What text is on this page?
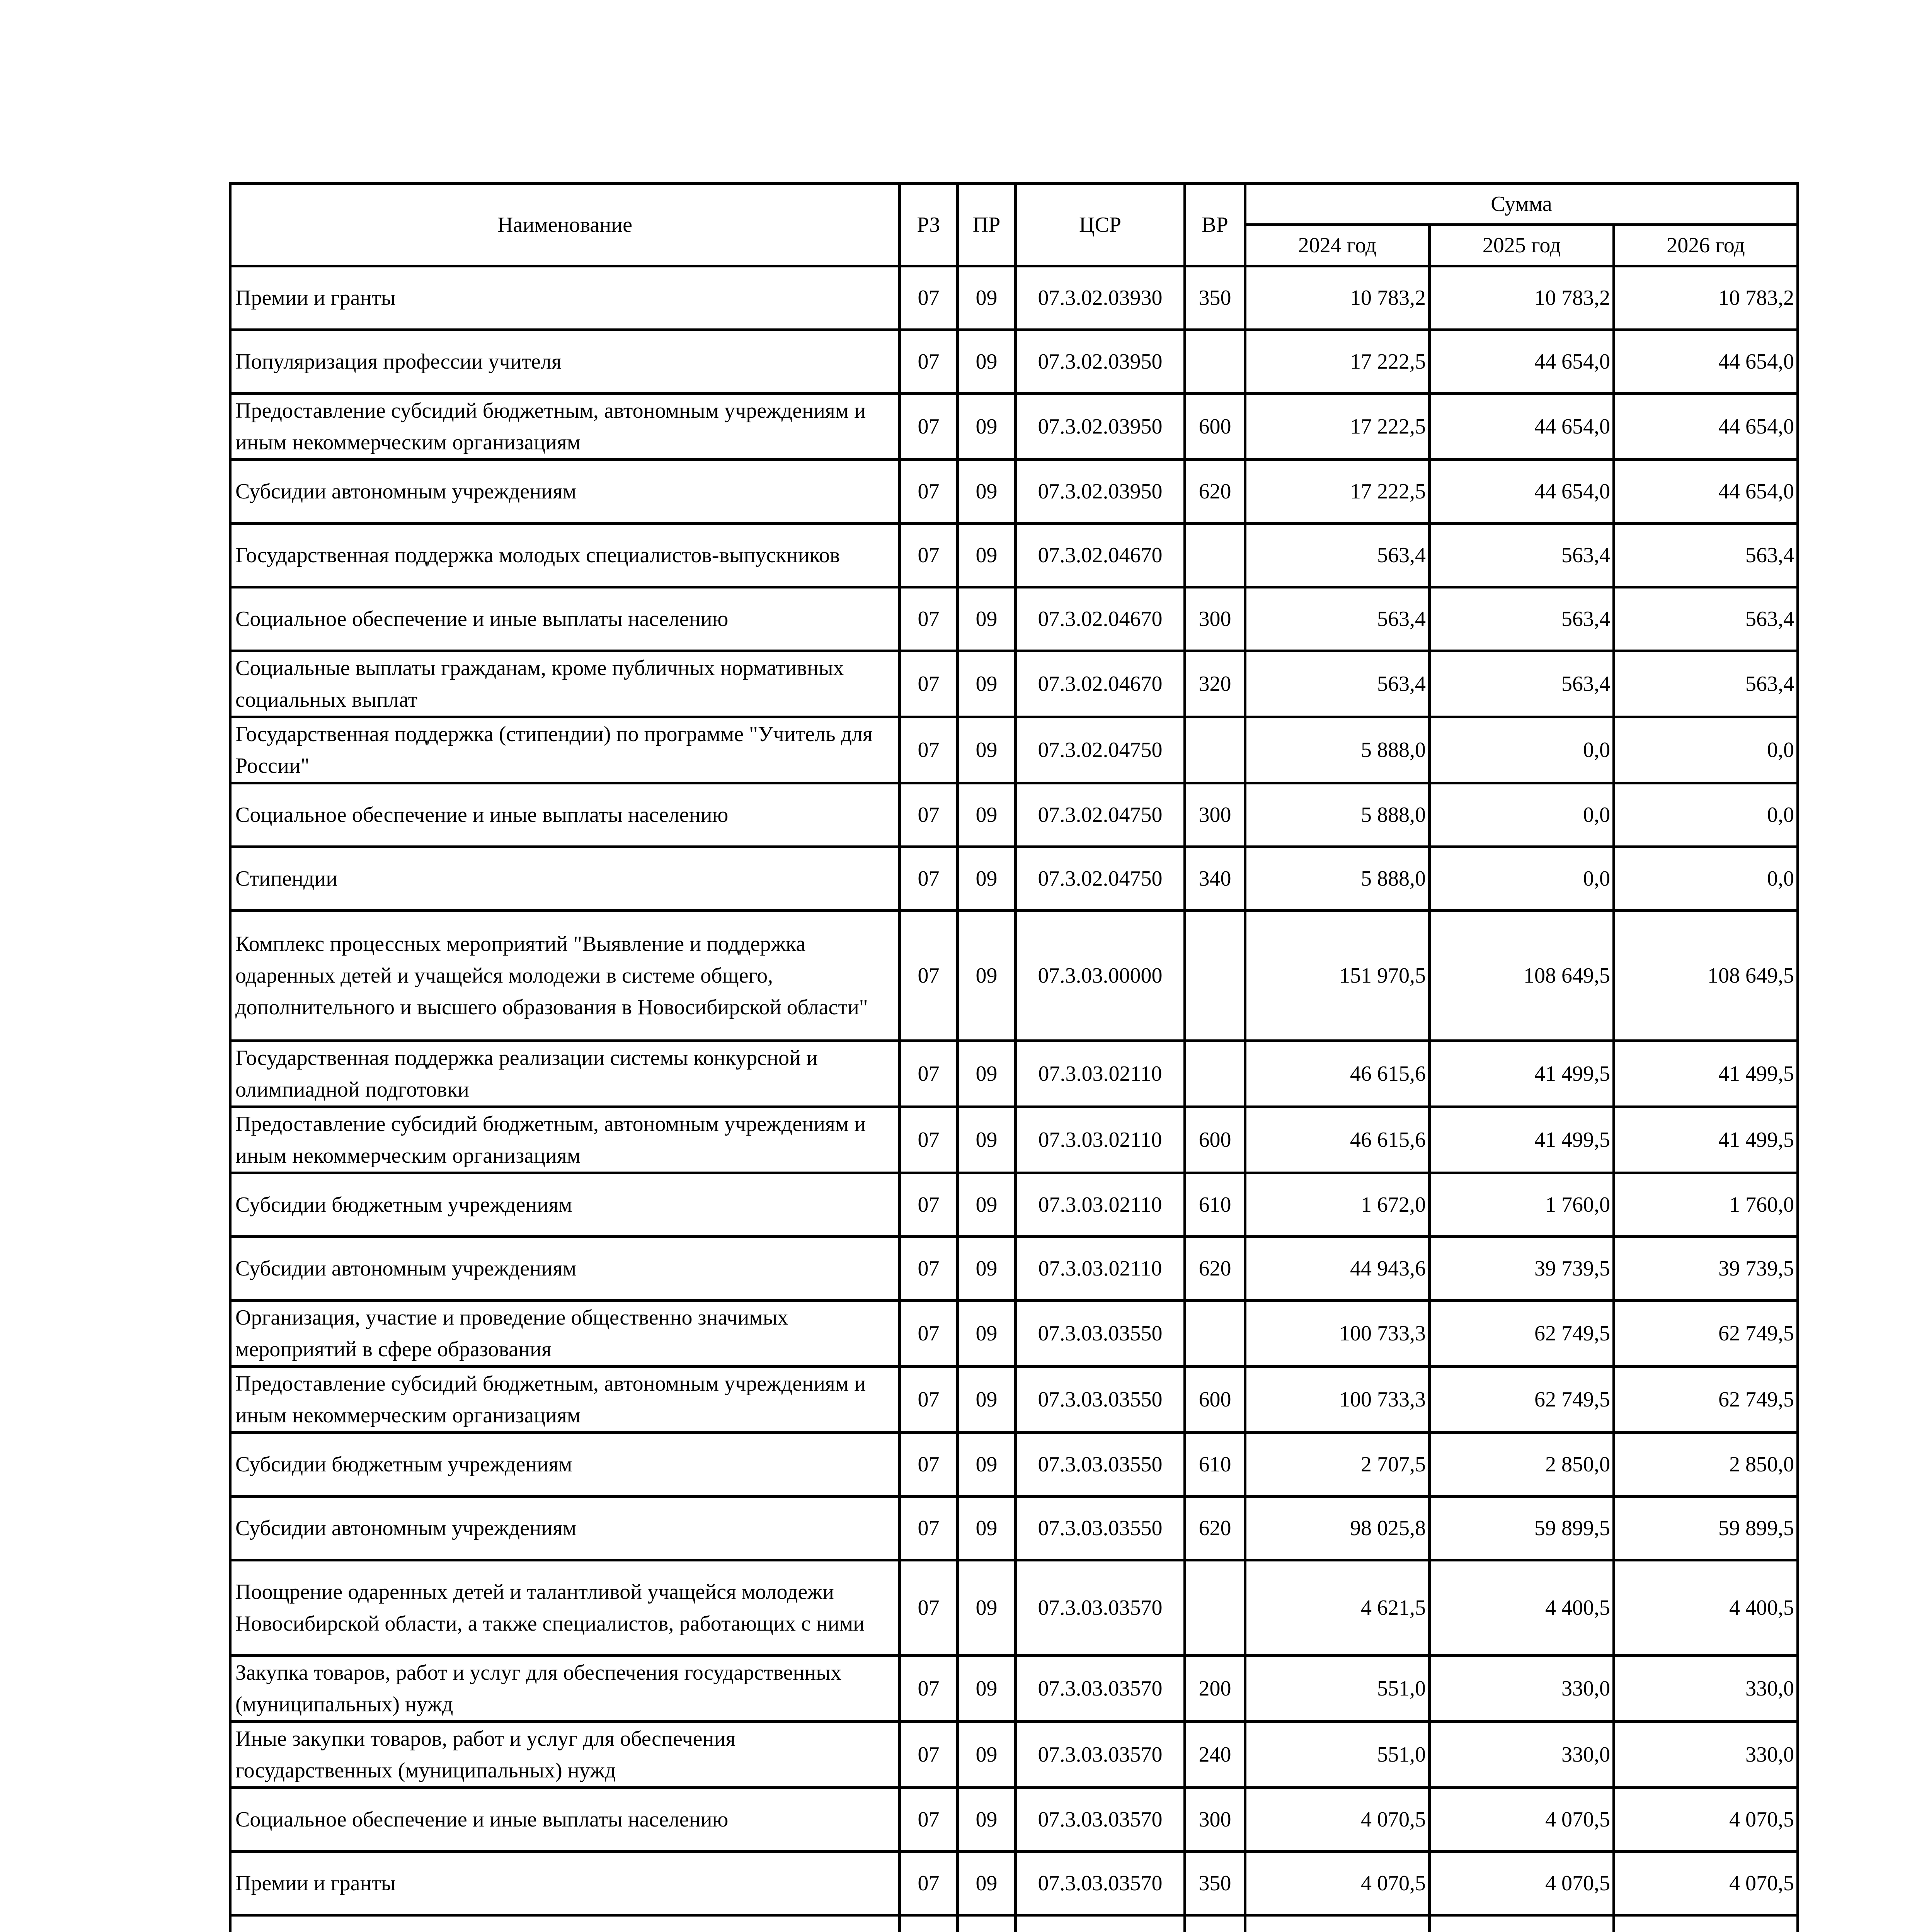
Наименование	РЗ	ПР	ЦСР	ВР	Сумма		
					2024 год	2025 год	2026 год
Премии и гранты	07	09	07.3.02.03930	350	10 783,2	10 783,2	10 783,2
Популяризация профессии учителя	07	09	07.3.02.03950		17 222,5	44 654,0	44 654,0
Предоставление субсидий бюджетным, автономным учреждениям и иным некоммерческим организациям	07	09	07.3.02.03950	600	17 222,5	44 654,0	44 654,0
Субсидии автономным учреждениям	07	09	07.3.02.03950	620	17 222,5	44 654,0	44 654,0
Государственная поддержка молодых специалистов-выпускников	07	09	07.3.02.04670		563,4	563,4	563,4
Социальное обеспечение и иные выплаты населению	07	09	07.3.02.04670	300	563,4	563,4	563,4
Социальные выплаты гражданам, кроме публичных нормативных социальных выплат	07	09	07.3.02.04670	320	563,4	563,4	563,4
Государственная поддержка (стипендии) по программе "Учитель для России"	07	09	07.3.02.04750		5 888,0	0,0	0,0
Социальное обеспечение и иные выплаты населению	07	09	07.3.02.04750	300	5 888,0	0,0	0,0
Стипендии	07	09	07.3.02.04750	340	5 888,0	0,0	0,0
Комплекс процессных мероприятий "Выявление и поддержка одаренных детей и учащейся молодежи в системе общего, дополнительного и высшего образования в Новосибирской области"	07	09	07.3.03.00000		151 970,5	108 649,5	108 649,5
Государственная поддержка реализации системы конкурсной и олимпиадной подготовки	07	09	07.3.03.02110		46 615,6	41 499,5	41 499,5
Предоставление субсидий бюджетным, автономным учреждениям и иным некоммерческим организациям	07	09	07.3.03.02110	600	46 615,6	41 499,5	41 499,5
Субсидии бюджетным учреждениям	07	09	07.3.03.02110	610	1 672,0	1 760,0	1 760,0
Субсидии автономным учреждениям	07	09	07.3.03.02110	620	44 943,6	39 739,5	39 739,5
Организация, участие и проведение общественно значимых мероприятий в сфере образования	07	09	07.3.03.03550		100 733,3	62 749,5	62 749,5
Предоставление субсидий бюджетным, автономным учреждениям и иным некоммерческим организациям	07	09	07.3.03.03550	600	100 733,3	62 749,5	62 749,5
Субсидии бюджетным учреждениям	07	09	07.3.03.03550	610	2 707,5	2 850,0	2 850,0
Субсидии автономным учреждениям	07	09	07.3.03.03550	620	98 025,8	59 899,5	59 899,5
Поощрение одаренных детей и талантливой учащейся молодежи Новосибирской области, а также специалистов, работающих с ними	07	09	07.3.03.03570		4 621,5	4 400,5	4 400,5
Закупка товаров, работ и услуг для обеспечения государственных (муниципальных) нужд	07	09	07.3.03.03570	200	551,0	330,0	330,0
Иные закупки товаров, работ и услуг для обеспечения государственных (муниципальных) нужд	07	09	07.3.03.03570	240	551,0	330,0	330,0
Социальное обеспечение и иные выплаты населению	07	09	07.3.03.03570	300	4 070,5	4 070,5	4 070,5
Премии и гранты	07	09	07.3.03.03570	350	4 070,5	4 070,5	4 070,5
